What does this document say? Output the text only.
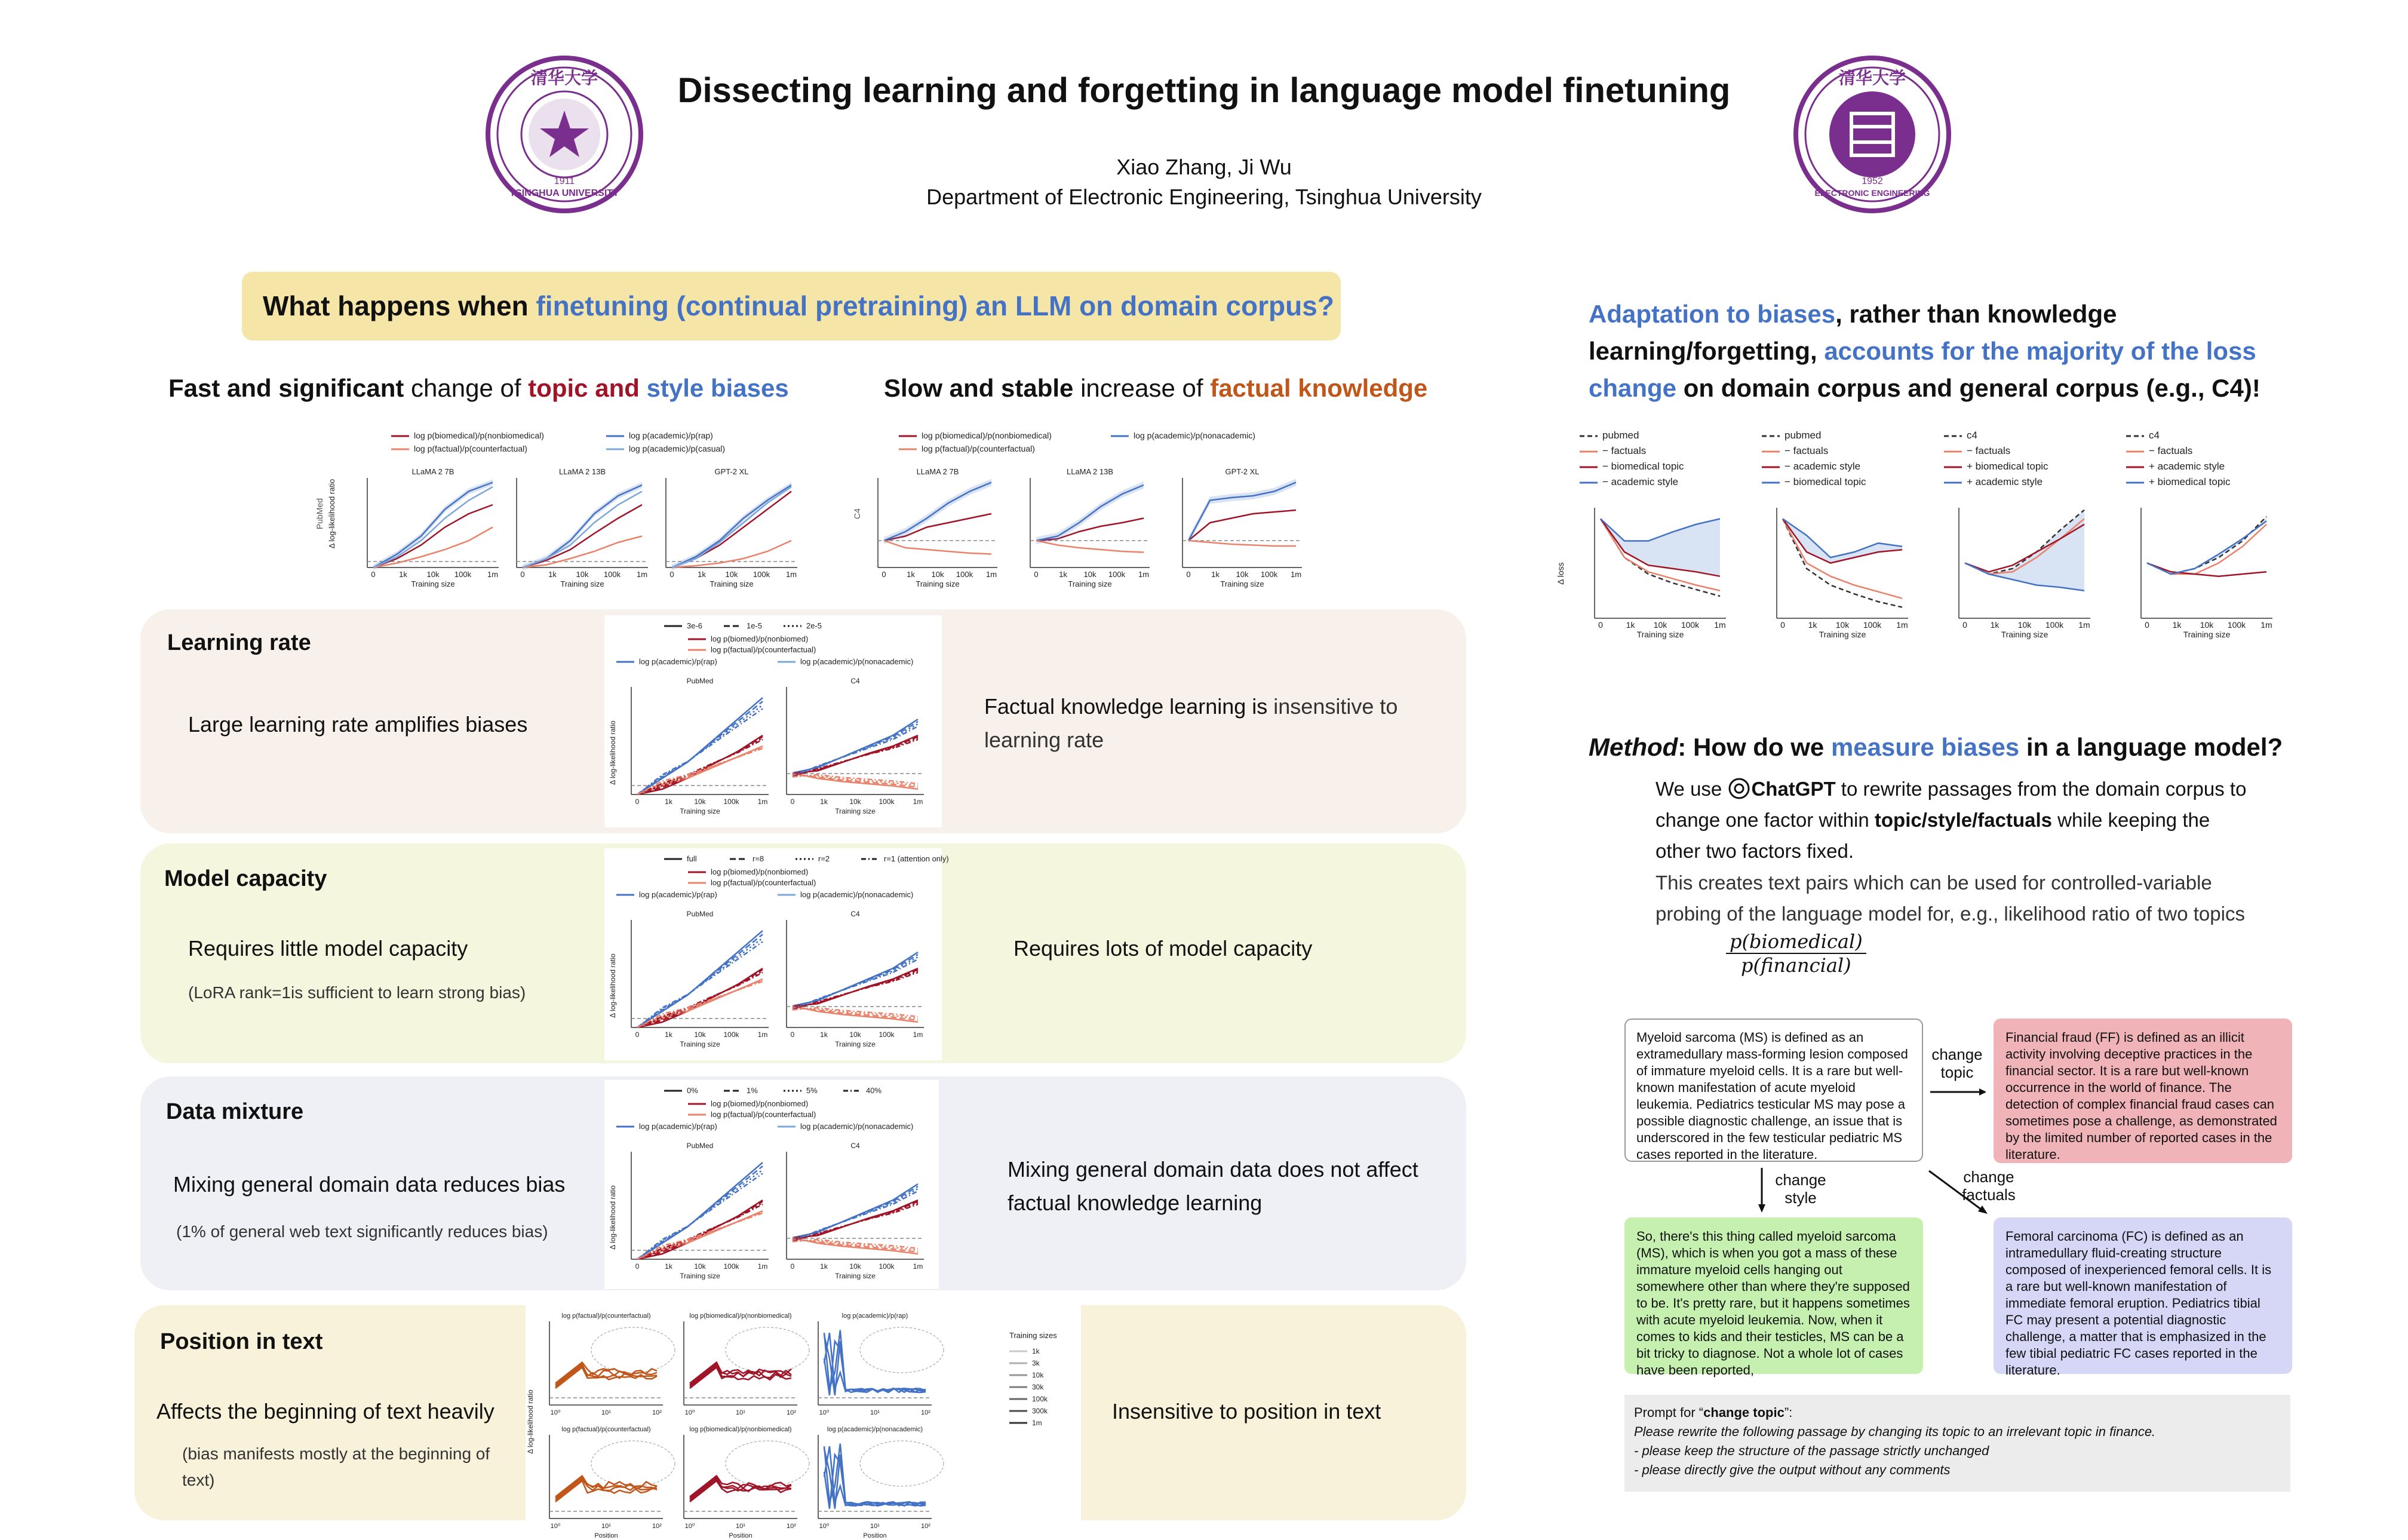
清华大学
TSINGHUA UNIVERSITY
1911
清华大学
ELECTRONIC ENGINEERING
1952
Dissecting learning and forgetting in language model finetuning
Xiao Zhang, Ji Wu
Department of Electronic Engineering, Tsinghua University
What happens when finetuning (continual pretraining) an LLM on domain corpus?
Fast and significant change of topic and style biases	Slow and stable increase of factual knowledge
log p(biomedical)/p(nonbiomedical)	log p(academic)/p(rap)
log p(factual)/p(counterfactual)	log p(academic)/p(casual)
PubMed Δ log-likelihood ratio
0	1k	10k 100k 1m
LLaMA 2 7B
Training size
0	1k	10k 100k 1m
LLaMA 2 13B
Training size
0	1k	10k 100k 1m
GPT-2 XL
Training size
log p(biomedical)/p(nonbiomedical)	log p(academic)/p(nonacademic)
log p(factual)/p(counterfactual)
C4
0	1k 10k 100k 1m
LLaMA 2 7B
Training size
0	1k 10k 100k 1m
LLaMA 2 13B
Training size
0	1k 10k 100k 1m
GPT-2 XL
Training size
Learning rate
Large learning rate amplifies biases
Factual knowledge learning is insensitive to learning rate
Model capacity
Requires little model capacity
(LoRA rank=1is sufficient to learn strong bias)
Requires lots of model capacity
Data mixture
Mixing general domain data reduces bias
(1% of general web text significantly reduces bias)
Mixing general domain data does not affect factual knowledge learning
Position in text
Affects the beginning of text heavily
(bias manifests mostly at the beginning of text)
Insensitive to position in text
3e-6	1e-5	2e-5
log p(biomed)/p(nonbiomed)
log p(factual)/p(counterfactual)
log p(academic)/p(rap)	log p(academic)/p(nonacademic)
Δ log-likelihood ratio
0	1k	10k 100k	1m
PubMed
Training size
0	1k	10k 100k	1m
C4
Training size
full	r=8	r=2	r=1 (attention only)
log p(biomed)/p(nonbiomed)
log p(factual)/p(counterfactual)
log p(academic)/p(rap)	log p(academic)/p(nonacademic)
Δ log-likelihood ratio
0	1k	10k 100k	1m
PubMed
Training size
0	1k	10k 100k	1m
C4
Training size
0%	1%	5%	40%
log p(biomed)/p(nonbiomed)
log p(factual)/p(counterfactual)
log p(academic)/p(rap)	log p(academic)/p(nonacademic)
Δ log-likelihood ratio
0	1k	10k 100k	1m
PubMed
Training size
0	1k	10k 100k	1m
C4
Training size
Δ log-likelihood ratio 10⁰	10¹	10²
log p(factual)/p(counterfactual)
10⁰	10¹	10²
log p(biomedical)/p(nonbiomedical)
10⁰	10¹	10²
log p(academic)/p(rap)
10⁰	10¹	10²
log p(factual)/p(counterfactual)
Position
10⁰	10¹	10²
log p(biomedical)/p(nonbiomedical)
Position
10⁰	10¹	10²
log p(academic)/p(nonacademic)
Position
Training sizes
1k
3k
10k
30k
100k
300k
1m
Adaptation to biases, rather than knowledge learning/forgetting, accounts for the majority of the loss change on domain corpus and general corpus (e.g., C4)!
Δ loss
pubmed
− factuals
− biomedical topic
− academic style
0	1k 10k 100k 1m
Training size
pubmed
− factuals
− academic style
− biomedical topic
0	1k 10k 100k 1m
Training size
c4
− factuals
+ biomedical topic
+ academic style
0	1k 10k 100k 1m
Training size
c4
− factuals
+ academic style
+ biomedical topic
0	1k 10k 100k 1m
Training size
Method: How do we measure biases in a language model?
We use ChatGPT to rewrite passages from the domain corpus to change one factor within topic/style/factuals while keeping the other two factors fixed.
This creates text pairs which can be used for controlled-variable probing of the language model for, e.g., likelihood ratio of two topics
p(biomedical)
p(financial)
Myeloid sarcoma (MS) is defined as an extramedullary mass-forming lesion composed of immature myeloid cells. It is a rare but well-known manifestation of acute myeloid leukemia. Pediatrics testicular MS may pose a possible diagnostic challenge, an issue that is underscored in the few testicular pediatric MS cases reported in the literature.
Financial fraud (FF) is defined as an illicit activity involving deceptive practices in the financial sector. It is a rare but well-known occurrence in the world of finance. The detection of complex financial fraud cases can sometimes pose a challenge, as demonstrated by the limited number of reported cases in the literature.
So, there's this thing called myeloid sarcoma (MS), which is when you got a mass of these immature myeloid cells hanging out somewhere other than where they're supposed to be. It's pretty rare, but it happens sometimes with acute myeloid leukemia. Now, when it comes to kids and their testicles, MS can be a bit tricky to diagnose. Not a whole lot of cases have been reported,
Femoral carcinoma (FC) is defined as an intramedullary fluid-creating structure composed of inexperienced femoral cells. It is a rare but well-known manifestation of immediate femoral eruption. Pediatrics tibial FC may present a potential diagnostic challenge, a matter that is emphasized in the few tibial pediatric FC cases reported in the literature.
change topic
change style
change factuals
Prompt for “change topic”:
Please rewrite the following passage by changing its topic to an irrelevant topic in finance.
- please keep the structure of the passage strictly unchanged
- please directly give the output without any comments
